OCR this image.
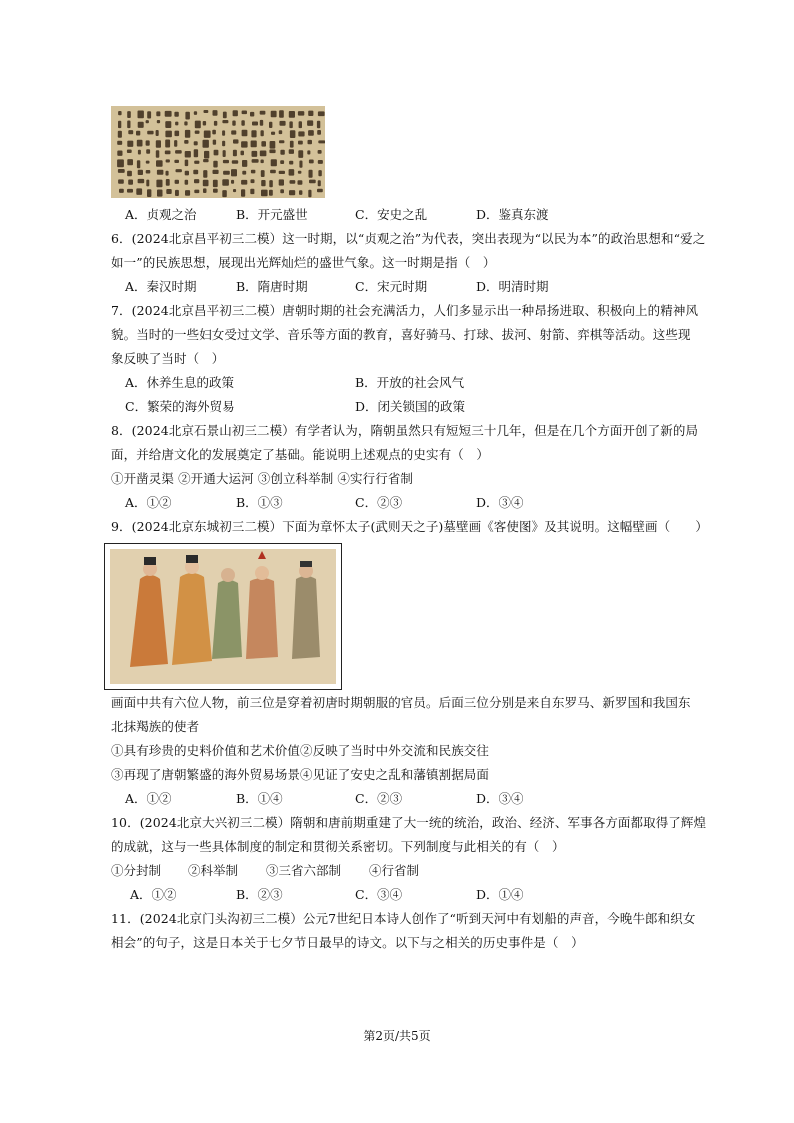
A．贞观之治	B．开元盛世	C．安史之乱	D．鉴真东渡
6．(2024北京昌平初三二模）这一时期，以“贞观之治”为代表，突出表现为“以民为本”的政治思想和“爱之
如一”的民族思想，展现出光辉灿烂的盛世气象。这一时期是指（　）
A．秦汉时期	B．隋唐时期	C．宋元时期	D．明清时期
7．(2024北京昌平初三二模）唐朝时期的社会充满活力，人们多显示出一种昂扬进取、积极向上的精神风
貌。当时的一些妇女受过文学、音乐等方面的教育，喜好骑马、打球、拔河、射箭、弈棋等活动。这些现
象反映了当时（　）
A．休养生息的政策	B．开放的社会风气
C．繁荣的海外贸易	D．闭关锁国的政策
8．(2024北京石景山初三二模）有学者认为，隋朝虽然只有短短三十几年，但是在几个方面开创了新的局
面，并给唐文化的发展奠定了基础。能说明上述观点的史实有（　）
①开凿灵渠 ②开通大运河 ③创立科举制 ④实行行省制
A．①②	B．①③	C．②③	D．③④
9．(2024北京东城初三二模）下面为章怀太子(武则天之子)墓壁画《客使图》及其说明。这幅壁画（　　）
画面中共有六位人物，前三位是穿着初唐时期朝服的官员。后面三位分别是来自东罗马、新罗国和我国东
北抹羯族的使者
①具有珍贵的史料价值和艺术价值②反映了当时中外交流和民族交往
③再现了唐朝繁盛的海外贸易场景④见证了安史之乱和藩镇割据局面
A．①②	B．①④	C．②③	D．③④
10．(2024北京大兴初三二模）隋朝和唐前期重建了大一统的统治，政治、经济、军事各方面都取得了辉煌
的成就，这与一些具体制度的制定和贯彻关系密切。下列制度与此相关的有（　）
①分封制 ②科举制 ③三省六部制 ④行省制
A．①②	B．②③	C．③④	D．①④
11．(2024北京门头沟初三二模）公元7世纪日本诗人创作了“听到天河中有划船的声音，今晚牛郎和织女
相会”的句子，这是日本关于七夕节日最早的诗文。以下与之相关的历史事件是（　）
第2页/共5页
